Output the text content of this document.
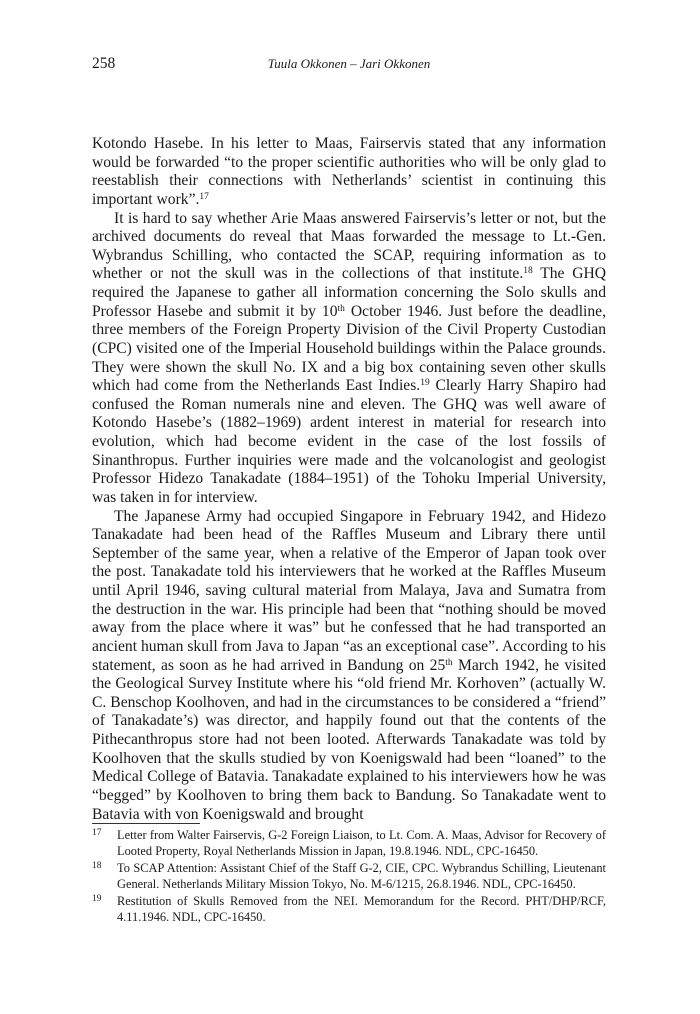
258	Tuula Okkonen – Jari Okkonen

Kotondo Hasebe. In his letter to Maas, Fairservis stated that any information would be forwarded “to the proper scientific authorities who will be only glad to reestablish their connections with Netherlands’ scientist in continuing this important work”.$^{17}$

It is hard to say whether Arie Maas answered Fairservis’s letter or not, but the archived documents do reveal that Maas forwarded the message to Lt.-Gen. Wybrandus Schilling, who contacted the SCAP, requiring information as to whether or not the skull was in the collections of that institute.$^{18}$ The GHQ required the Japanese to gather all information concerning the Solo skulls and Professor Hasebe and submit it by 10th October 1946. Just before the deadline, three members of the Foreign Property Division of the Civil Property Custodian (CPC) visited one of the Imperial Household buildings within the Palace grounds. They were shown the skull No. IX and a big box containing seven other skulls which had come from the Netherlands East Indies.$^{19}$ Clearly Harry Shapiro had confused the Roman numerals nine and eleven. The GHQ was well aware of Kotondo Hasebe’s (1882–1969) ardent interest in material for research into evolution, which had become evident in the case of the lost fossils of Sinanthropus. Further inquiries were made and the volcanologist and geologist Professor Hidezo Tanakadate (1884–1951) of the Tohoku Imperial University, was taken in for interview.

The Japanese Army had occupied Singapore in February 1942, and Hidezo Tanakadate had been head of the Raffles Museum and Library there until September of the same year, when a relative of the Emperor of Japan took over the post. Tanakadate told his interviewers that he worked at the Raffles Museum until April 1946, saving cultural material from Malaya, Java and Sumatra from the destruction in the war. His principle had been that “nothing should be moved away from the place where it was” but he confessed that he had transported an ancient human skull from Java to Japan “as an exceptional case”. According to his statement, as soon as he had arrived in Bandung on 25th March 1942, he visited the Geological Survey Institute where his “old friend Mr. Korhoven” (actually W. C. Benschop Koolhoven, and had in the circumstances to be considered a “friend” of Tanakadate’s) was director, and happily found out that the contents of the Pithecanthropus store had not been looted. Afterwards Tanakadate was told by Koolhoven that the skulls studied by von Koenigswald had been “loaned” to the Medical College of Batavia. Tanakadate explained to his interviewers how he was “begged” by Koolhoven to bring them back to Bandung. So Tanakadate went to Batavia with von Koenigswald and brought

17 Letter from Walter Fairservis, G-2 Foreign Liaison, to Lt. Com. A. Maas, Advisor for Recovery of Looted Property, Royal Netherlands Mission in Japan, 19.8.1946. NDL, CPC-16450.
18 To SCAP Attention: Assistant Chief of the Staff G-2, CIE, CPC. Wybrandus Schilling, Lieutenant General. Netherlands Military Mission Tokyo, No. M-6/1215, 26.8.1946. NDL, CPC-16450.
19 Restitution of Skulls Removed from the NEI. Memorandum for the Record. PHT/DHP/RCF, 4.11.1946. NDL, CPC-16450.
